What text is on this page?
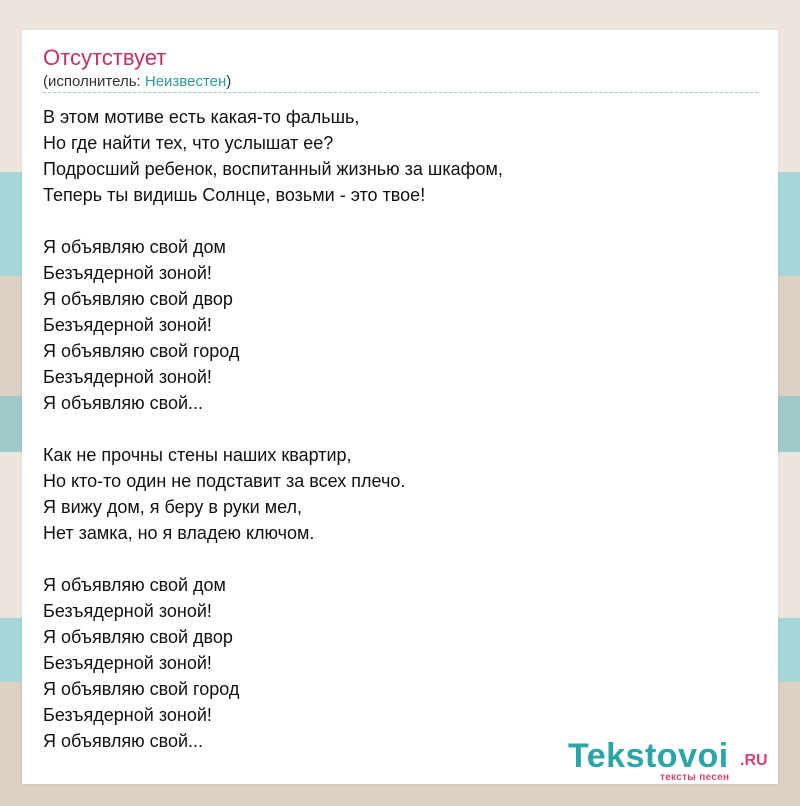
Отсутствует
(исполнитель: Неизвестен)
В этом мотиве есть какая-то фальшь,
Но где найти тех, что услышат ее?
Подросший ребенок, воспитанный жизнью за шкафом,
Теперь ты видишь Солнце, возьми - это твое!
Я объявляю свой дом
Безъядерной зоной!
Я объявляю свой двор
Безъядерной зоной!
Я объявляю свой город
Безъядерной зоной!
Я объявляю свой...
Как не прочны стены наших квартир,
Но кто-то один не подставит за всех плечо.
Я вижу дом, я беру в руки мел,
Нет замка, но я владею ключом.
Я объявляю свой дом
Безъядерной зоной!
Я объявляю свой двор
Безъядерной зоной!
Я объявляю свой город
Безъядерной зоной!
Я объявляю свой...	Tekstovoi .RU
тексты песен
